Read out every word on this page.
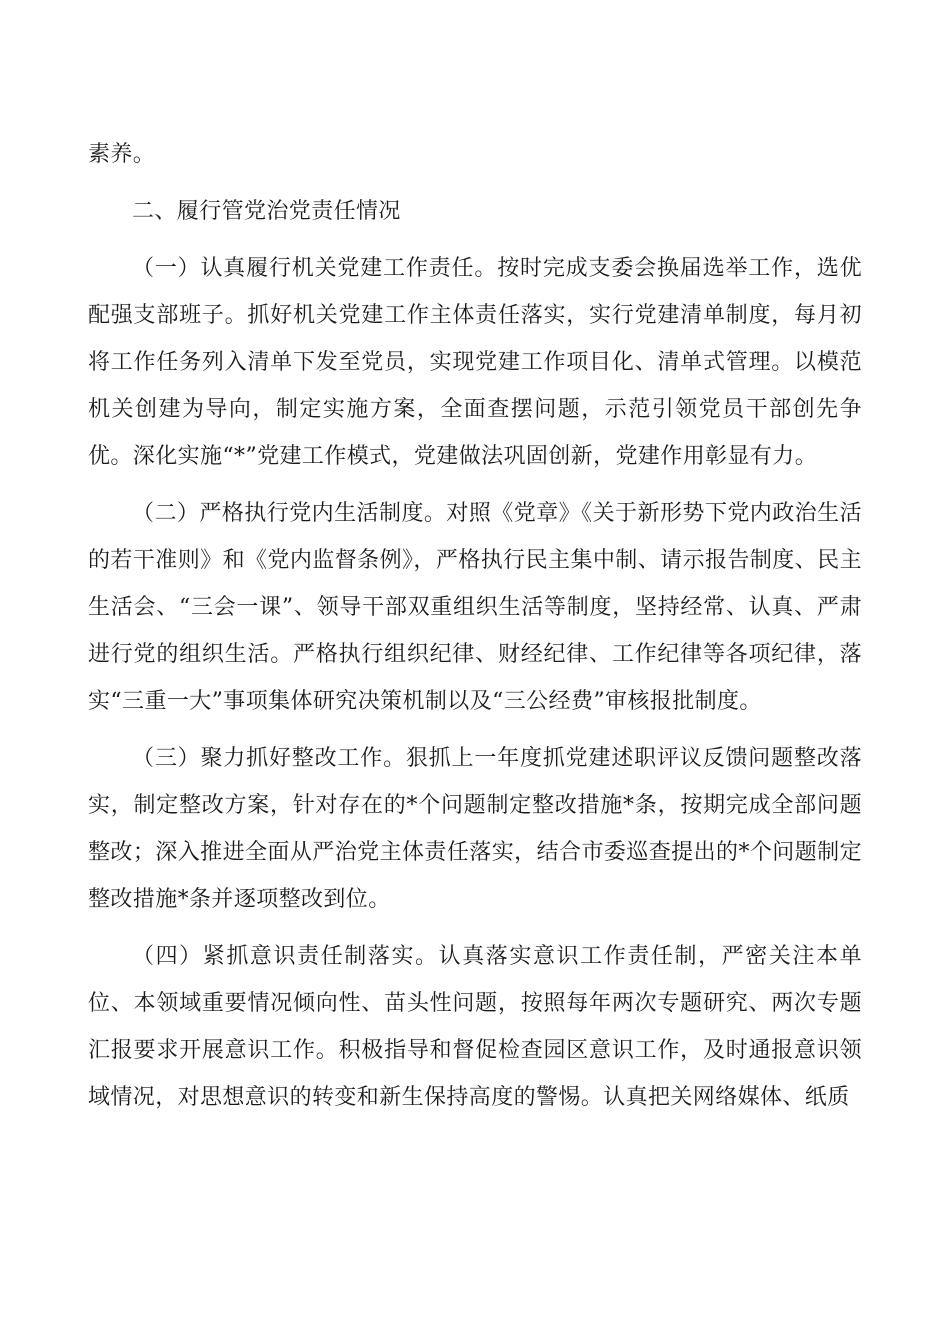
素养。

二、履行管党治党责任情况

（一）认真履行机关党建工作责任。按时完成支委会换届选举工作，选优配强支部班子。抓好机关党建工作主体责任落实，实行党建清单制度，每月初将工作任务列入清单下发至党员，实现党建工作项目化、清单式管理。以模范机关创建为导向，制定实施方案，全面查摆问题，示范引领党员干部创先争优。深化实施“*”党建工作模式，党建做法巩固创新，党建作用彰显有力。

（二）严格执行党内生活制度。对照《党章》《关于新形势下党内政治生活的若干准则》和《党内监督条例》，严格执行民主集中制、请示报告制度、民主生活会、“三会一课”、领导干部双重组织生活等制度，坚持经常、认真、严肃进行党的组织生活。严格执行组织纪律、财经纪律、工作纪律等各项纪律，落实“三重一大”事项集体研究决策机制以及“三公经费”审核报批制度。

（三）聚力抓好整改工作。狠抓上一年度抓党建述职评议反馈问题整改落实，制定整改方案，针对存在的*个问题制定整改措施*条，按期完成全部问题整改；深入推进全面从严治党主体责任落实，结合市委巡查提出的*个问题制定整改措施*条并逐项整改到位。

（四）紧抓意识责任制落实。认真落实意识工作责任制，严密关注本单位、本领域重要情况倾向性、苗头性问题，按照每年两次专题研究、两次专题汇报要求开展意识工作。积极指导和督促检查园区意识工作，及时通报意识领域情况，对思想意识的转变和新生保持高度的警惕。认真把关网络媒体、纸质
